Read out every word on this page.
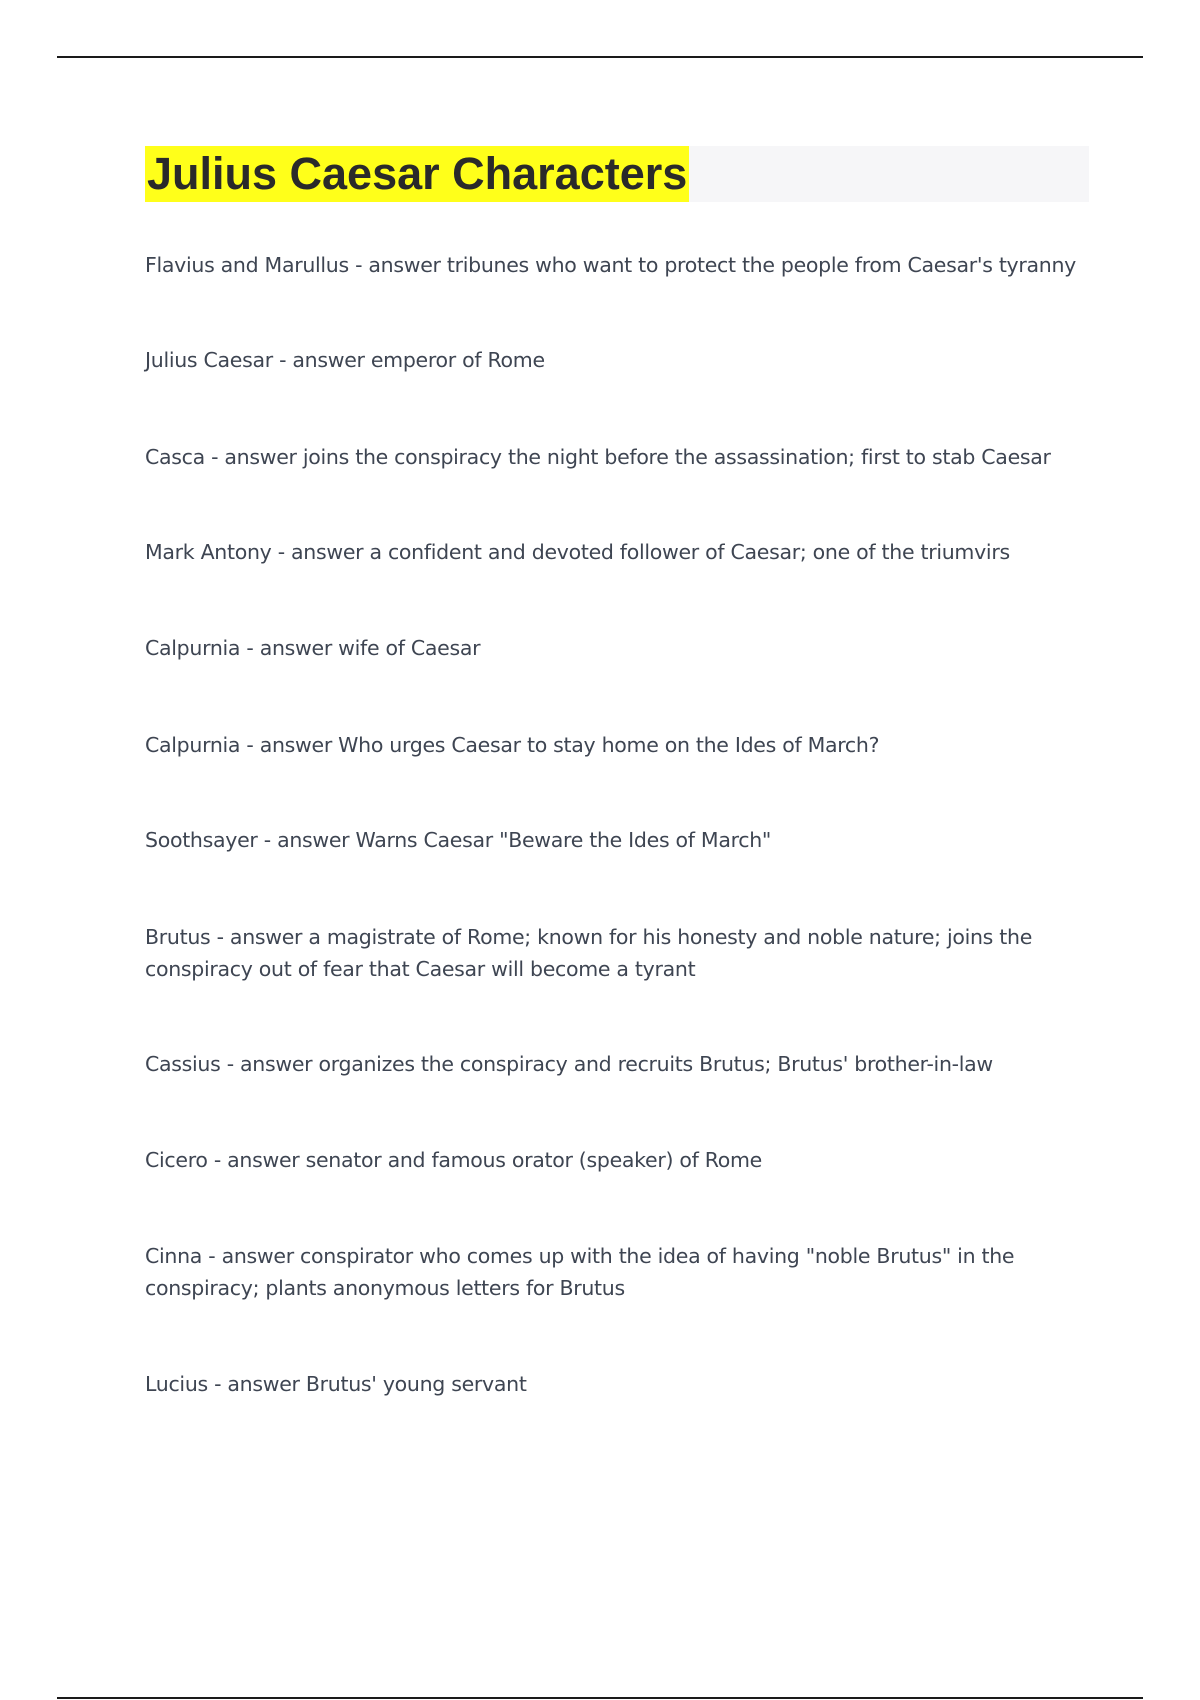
Julius Caesar Characters

Flavius and Marullus - answer tribunes who want to protect the people from Caesar's tyranny

Julius Caesar - answer emperor of Rome

Casca - answer joins the conspiracy the night before the assassination; first to stab Caesar

Mark Antony - answer a confident and devoted follower of Caesar; one of the triumvirs

Calpurnia - answer wife of Caesar

Calpurnia - answer Who urges Caesar to stay home on the Ides of March?

Soothsayer - answer Warns Caesar "Beware the Ides of March"

Brutus - answer a magistrate of Rome; known for his honesty and noble nature; joins the conspiracy out of fear that Caesar will become a tyrant

Cassius - answer organizes the conspiracy and recruits Brutus; Brutus' brother-in-law

Cicero - answer senator and famous orator (speaker) of Rome

Cinna - answer conspirator who comes up with the idea of having "noble Brutus" in the conspiracy; plants anonymous letters for Brutus

Lucius - answer Brutus' young servant
